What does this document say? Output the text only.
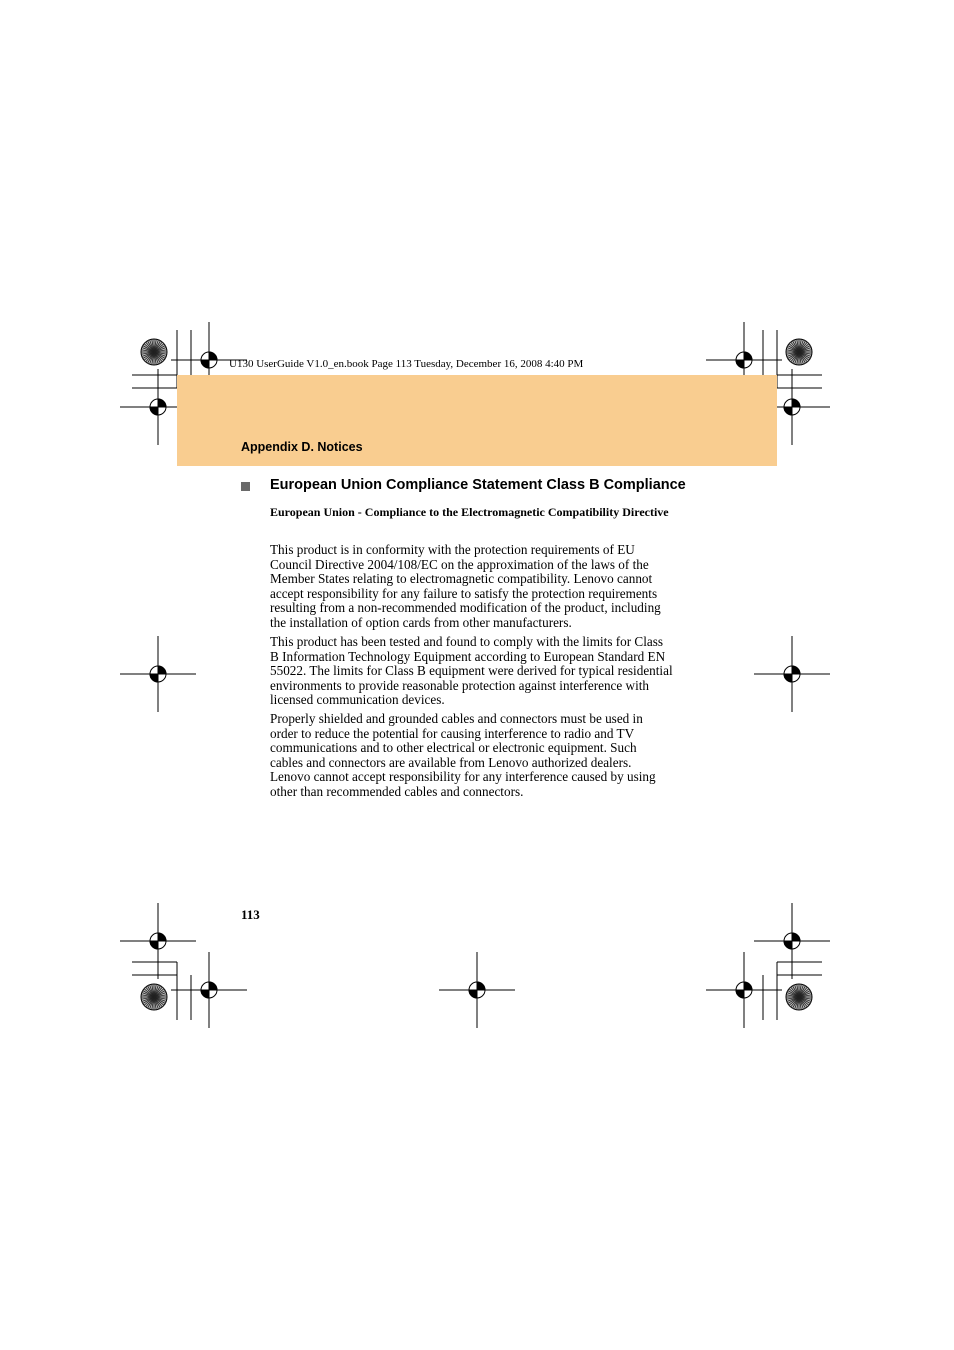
U130 UserGuide V1.0_en.book Page 113 Tuesday, December 16, 2008 4:40 PM
Appendix D. Notices
European Union Compliance Statement Class B Compliance
European Union - Compliance to the Electromagnetic Compatibility Directive
This product is in conformity with the protection requirements of EU
Council Directive 2004/108/EC on the approximation of the laws of the
Member States relating to electromagnetic compatibility. Lenovo cannot
accept responsibility for any failure to satisfy the protection requirements
resulting from a non-recommended modification of the product, including
the installation of option cards from other manufacturers.
This product has been tested and found to comply with the limits for Class
B Information Technology Equipment according to European Standard EN
55022. The limits for Class B equipment were derived for typical residential
environments to provide reasonable protection against interference with
licensed communication devices.
Properly shielded and grounded cables and connectors must be used in
order to reduce the potential for causing interference to radio and TV
communications and to other electrical or electronic equipment. Such
cables and connectors are available from Lenovo authorized dealers.
Lenovo cannot accept responsibility for any interference caused by using
other than recommended cables and connectors.
113
